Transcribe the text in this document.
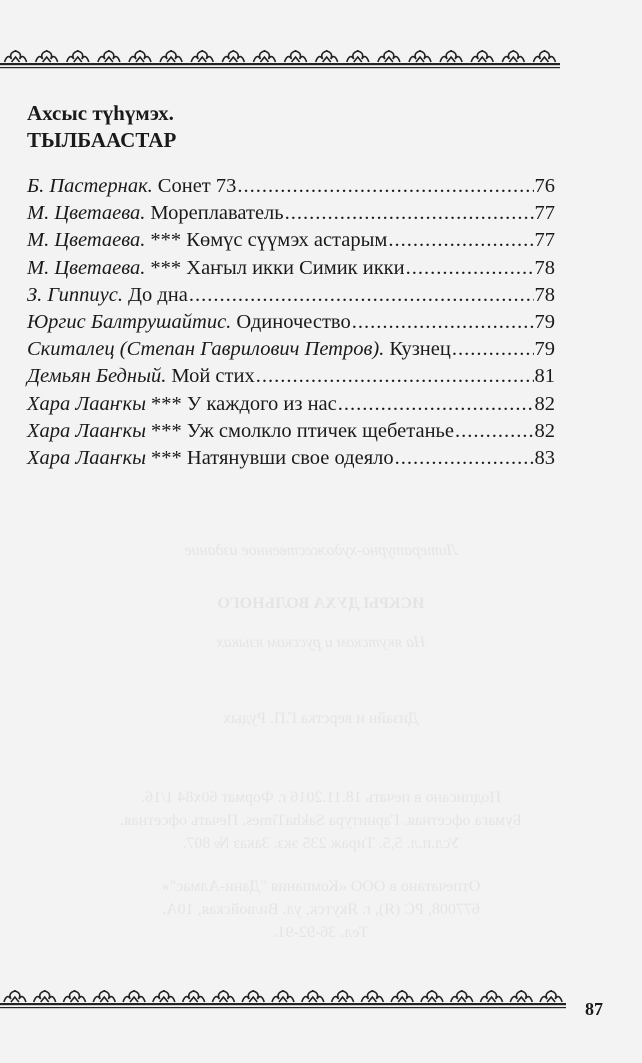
Ахсыс түһүмэх.
ТЫЛБААСТАР
Б. Пастернак. Сонет 73 .....	76
М. Цветаева. Мореплаватель .....	77
М. Цветаева. *** Көмүс сүүмэх астарым .....	77
М. Цветаева. *** Хаҥыл икки Симик икки .....	78
З. Гиппиус. До дна .....	78
Юргис Балтрушайтис. Одиночество .....	79
Скиталец (Степан Гаврилович Петров). Кузнец .....	79
Демьян Бедный. Мой стих .....	81
Хара Лааҥкы *** У каждого из нас .....	82
Хара Лааҥкы *** Уж смолкло птичек щебетанье .....	82
Хара Лааҥкы *** Натянувши свое одеяло .....	83

Литературно-художественное издание

ИСКРЫ ДУХА ВОЛЬНОГО

На якутском и русском языках

Дизайн и верстка Г.П. Рудых

Подписано в печать 18.11.2016 г. Формат 60х84 1/16.

Бумага офсетная. Гарнитура SakhaTimes. Печать офсетная.

Усл.п.л. 5,5. Тираж 235 экз. Заказ № 807.

Отпечатано в ООО «Компания "Дани-Алмас"»

677008, РС (Я), г. Якутск, ул. Вилюйская, 10А.

Тел. 36-92-91.

87
